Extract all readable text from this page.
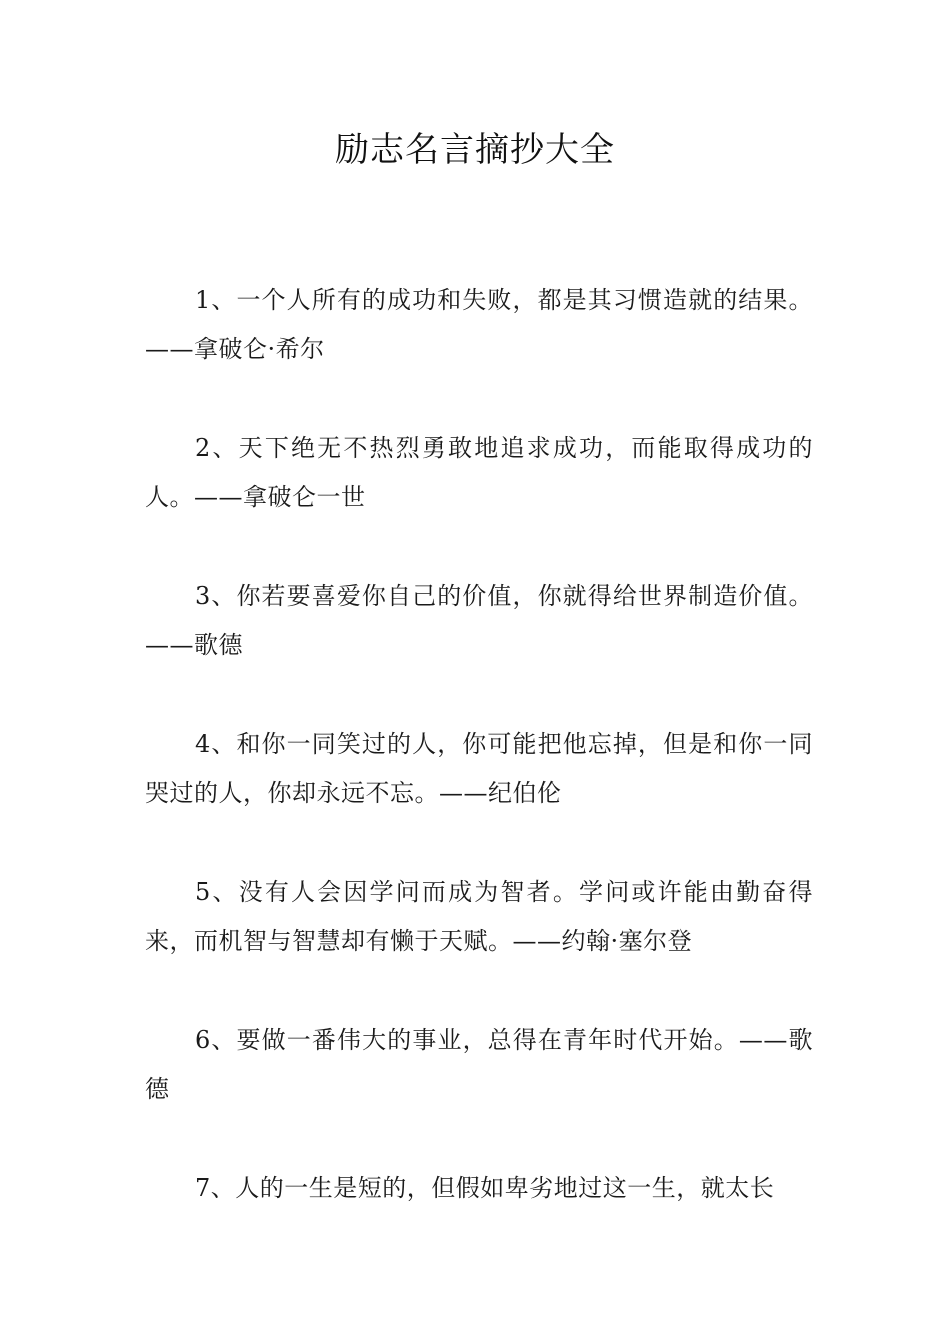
励志名言摘抄大全
1、一个人所有的成功和失败，都是其习惯造就的结果。——拿破仑·希尔
2、天下绝无不热烈勇敢地追求成功，而能取得成功的人。——拿破仑一世
3、你若要喜爱你自己的价值，你就得给世界制造价值。——歌德
4、和你一同笑过的人，你可能把他忘掉，但是和你一同哭过的人，你却永远不忘。——纪伯伦
5、没有人会因学问而成为智者。学问或许能由勤奋得来，而机智与智慧却有懒于天赋。——约翰·塞尔登
6、要做一番伟大的事业，总得在青年时代开始。——歌德
7、人的一生是短的，但假如卑劣地过这一生，就太长
